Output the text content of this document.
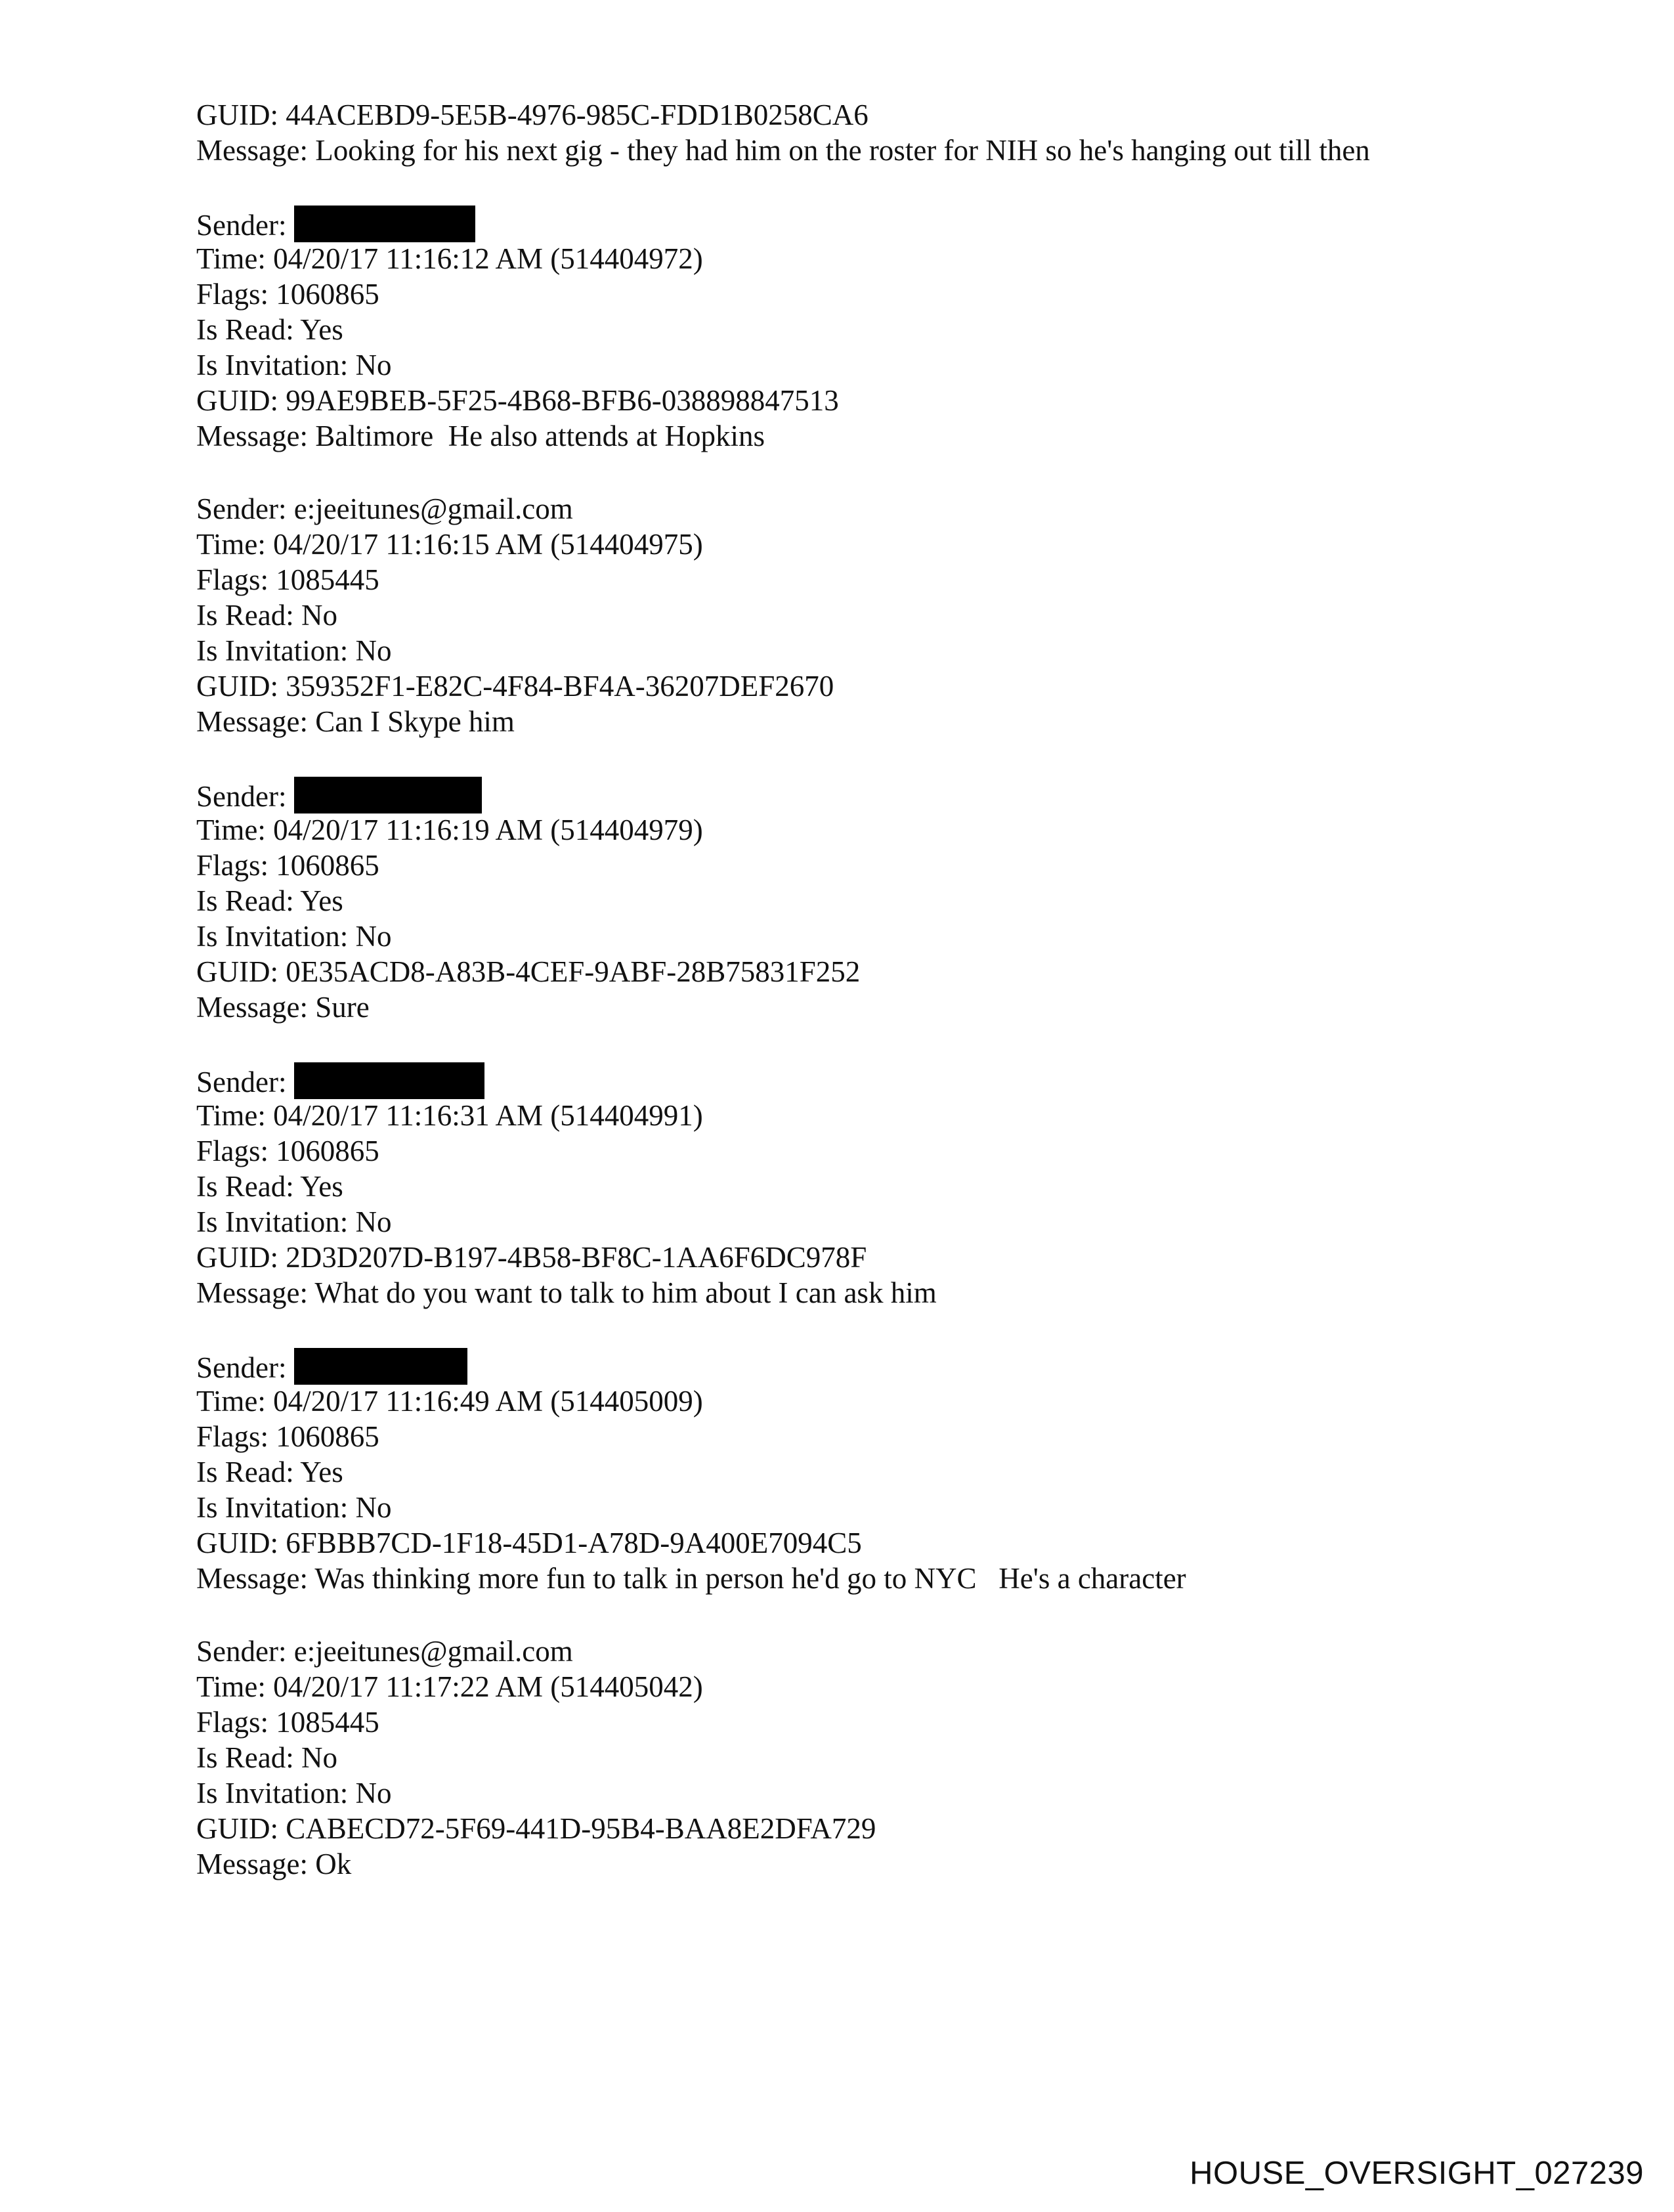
GUID: 44ACEBD9-5E5B-4976-985C-FDD1B0258CA6
Message: Looking for his next gig - they had him on the roster for NIH so he's hanging out till then
Sender:
Time: 04/20/17 11:16:12 AM (514404972)
Flags: 1060865
Is Read: Yes
Is Invitation: No
GUID: 99AE9BEB-5F25-4B68-BFB6-038898847513
Message: Baltimore  He also attends at Hopkins
Sender: e:jeeitunes@gmail.com
Time: 04/20/17 11:16:15 AM (514404975)
Flags: 1085445
Is Read: No
Is Invitation: No
GUID: 359352F1-E82C-4F84-BF4A-36207DEF2670
Message: Can I Skype him
Sender:
Time: 04/20/17 11:16:19 AM (514404979)
Flags: 1060865
Is Read: Yes
Is Invitation: No
GUID: 0E35ACD8-A83B-4CEF-9ABF-28B75831F252
Message: Sure
Sender:
Time: 04/20/17 11:16:31 AM (514404991)
Flags: 1060865
Is Read: Yes
Is Invitation: No
GUID: 2D3D207D-B197-4B58-BF8C-1AA6F6DC978F
Message: What do you want to talk to him about I can ask him
Sender:
Time: 04/20/17 11:16:49 AM (514405009)
Flags: 1060865
Is Read: Yes
Is Invitation: No
GUID: 6FBBB7CD-1F18-45D1-A78D-9A400E7094C5
Message: Was thinking more fun to talk in person he'd go to NYC   He's a character
Sender: e:jeeitunes@gmail.com
Time: 04/20/17 11:17:22 AM (514405042)
Flags: 1085445
Is Read: No
Is Invitation: No
GUID: CABECD72-5F69-441D-95B4-BAA8E2DFA729
Message: Ok
HOUSE_OVERSIGHT_027239
